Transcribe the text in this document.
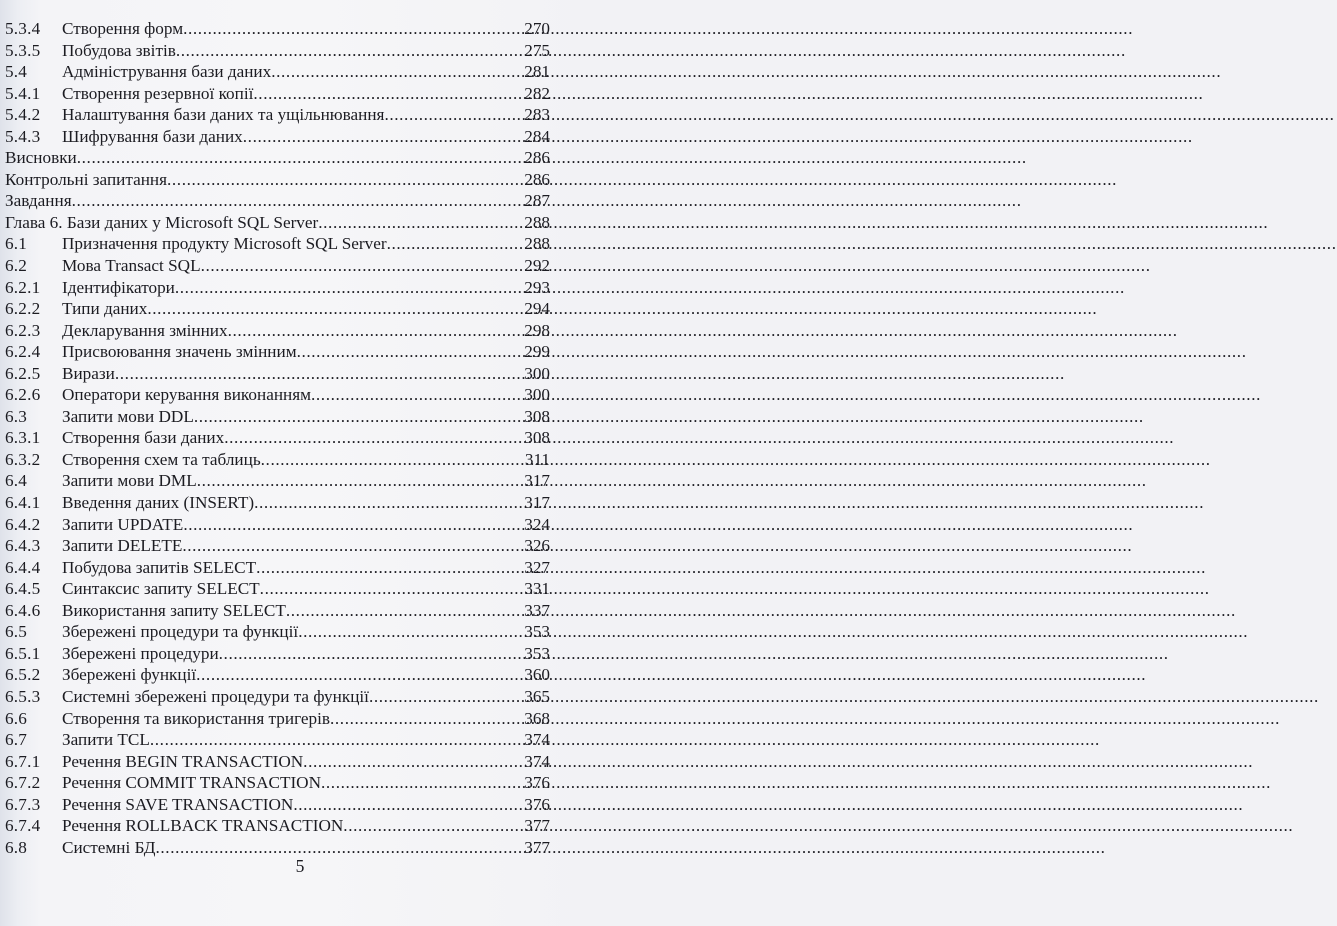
5.3.4	Створення форм .....	270
5.3.5	Побудова звітів .....	275
5.4	Адміністрування бази даних .....	281
5.4.1	Створення резервної копії .....	282
5.4.2	Налаштування бази даних та ущільнювання .....	283
5.4.3	Шифрування бази даних .....	284
Висновки .....	286
Контрольні запитання .....	286
Завдання .....	287
Глава 6. Бази даних у Microsoft SQL Server .....	288
6.1	Призначення продукту Microsoft SQL Server .....	288
6.2	Мова Transact SQL .....	292
6.2.1	Ідентифікатори .....	293
6.2.2	Типи даних .....	294
6.2.3	Декларування змінних .....	298
6.2.4	Присвоювання значень змінним .....	299
6.2.5	Вирази .....	300
6.2.6	Оператори керування виконанням .....	300
6.3	Запити мови DDL .....	308
6.3.1	Створення бази даних .....	308
6.3.2	Створення схем та таблиць .....	311
6.4	Запити мови DML .....	317
6.4.1	Введення даних (INSERT) .....	317
6.4.2	Запити UPDATE .....	324
6.4.3	Запити DELETE .....	326
6.4.4	Побудова запитів SELECT .....	327
6.4.5	Синтаксис запиту SELECT .....	331
6.4.6	Використання запиту SELECT .....	337
6.5	Збережені процедури та функції .....	353
6.5.1	Збережені процедури .....	353
6.5.2	Збережені функції .....	360
6.5.3	Системні збережені процедури та функції .....	365
6.6	Створення та використання тригерів .....	368
6.7	Запити TCL .....	374
6.7.1	Речення BEGIN TRANSACTION .....	374
6.7.2	Речення COMMIT TRANSACTION .....	376
6.7.3	Речення SAVE TRANSACTION .....	376
6.7.4	Речення ROLLBACK TRANSACTION .....	377
6.8	Системні БД .....	377
5
